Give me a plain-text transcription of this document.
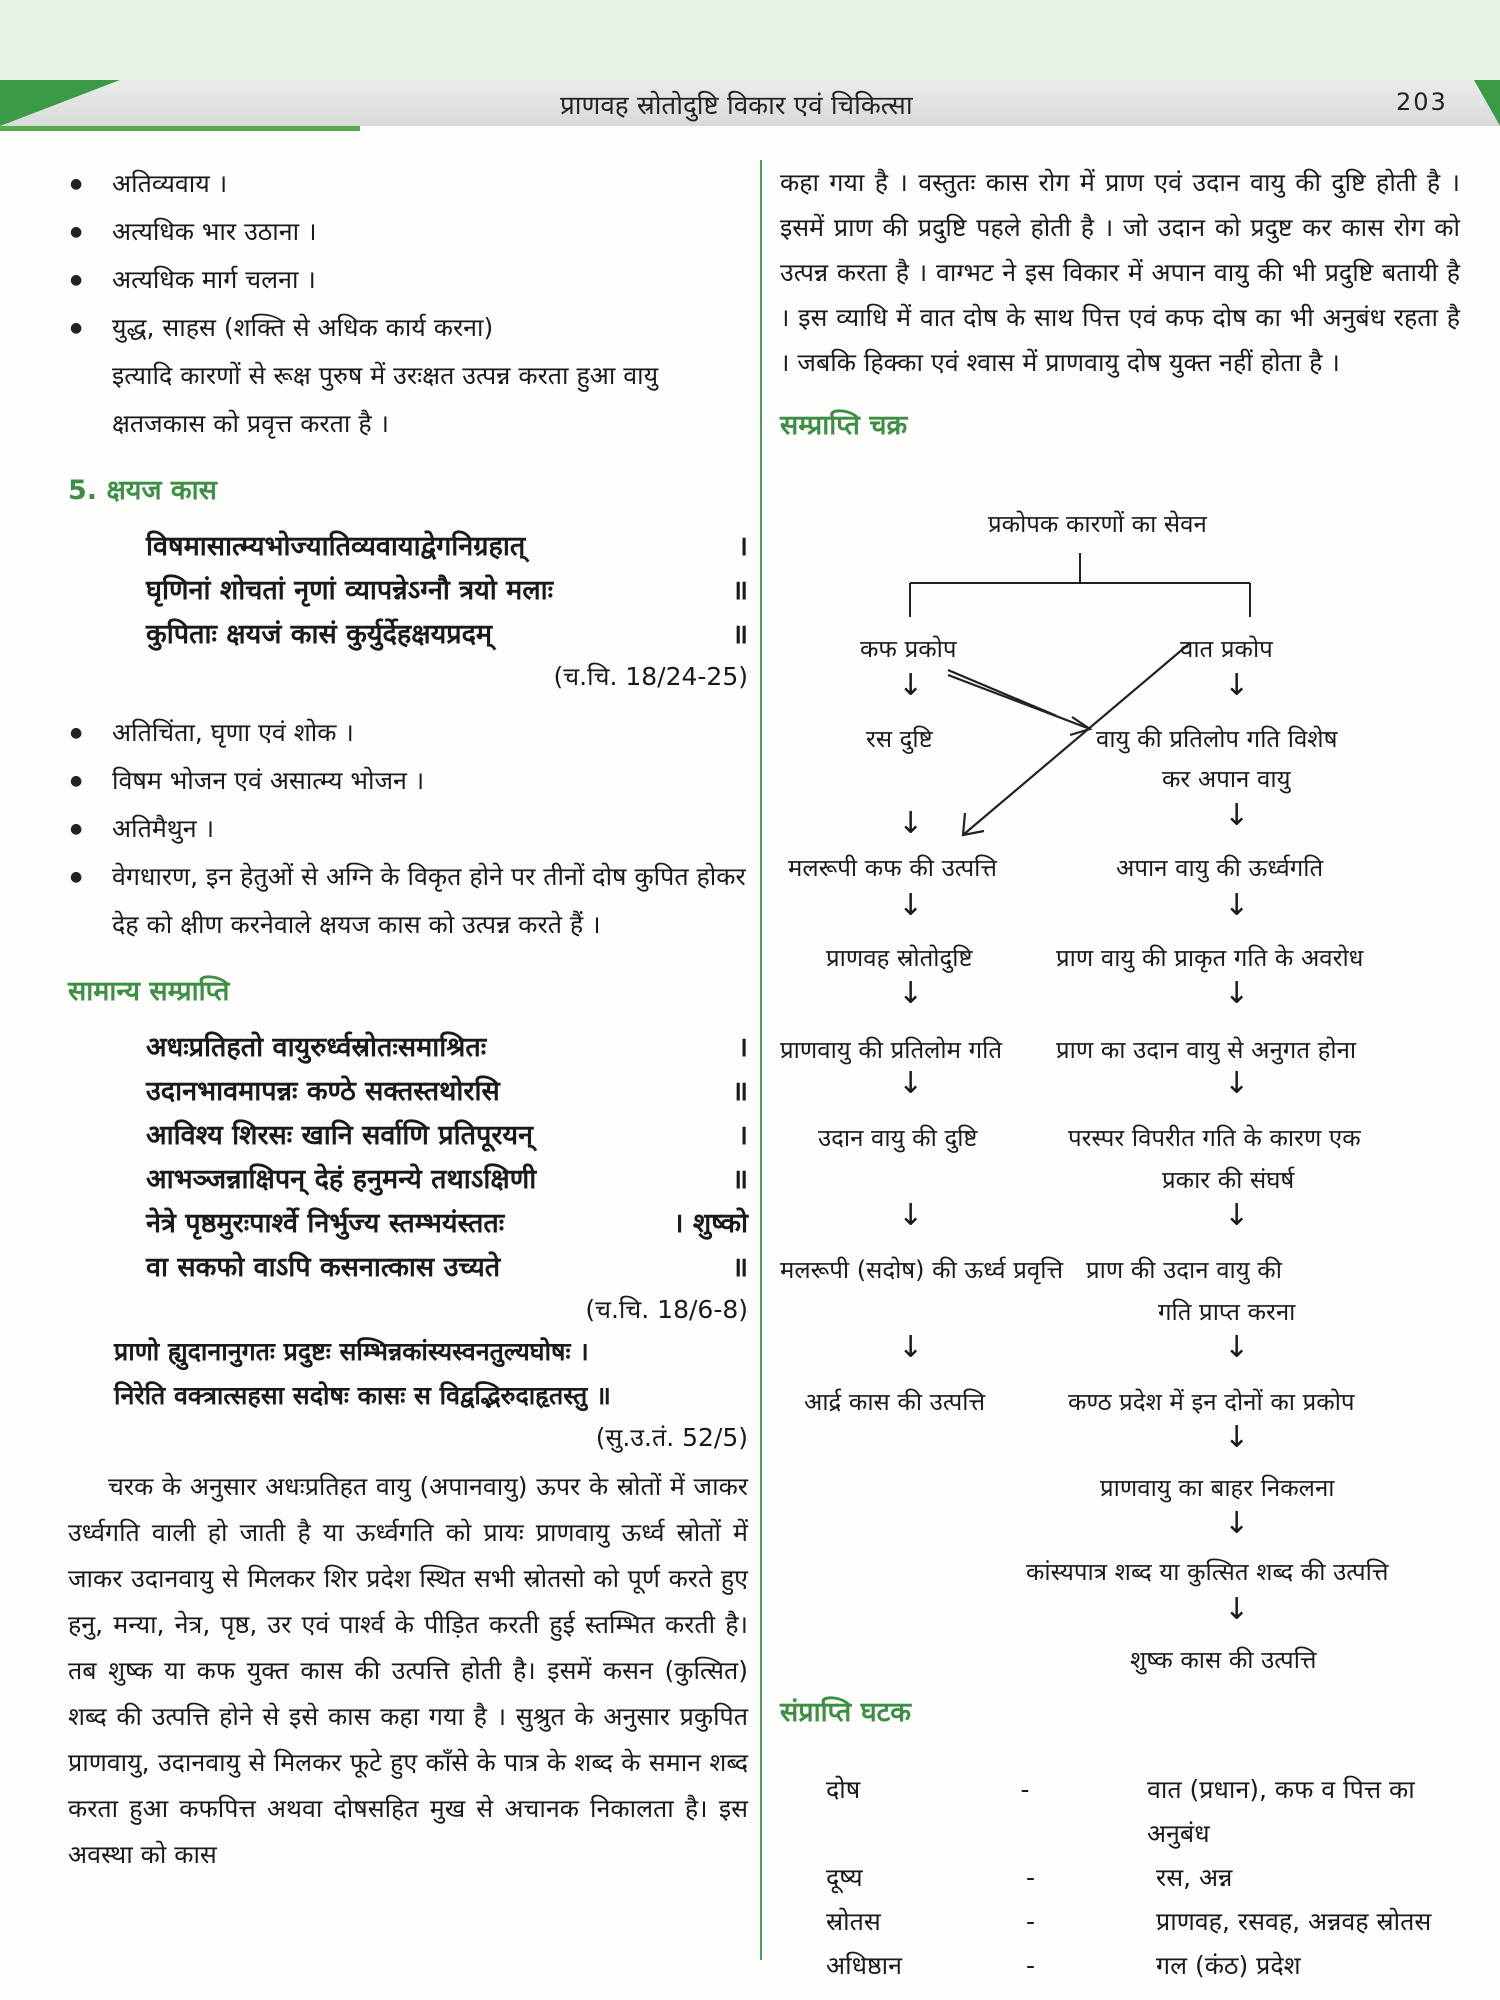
प्राणवह स्रोतोदुष्टि विकार एवं चिकित्सा	203
● अतिव्यवाय ।
● अत्यधिक भार उठाना ।
● अत्यधिक मार्ग चलना ।
● युद्ध, साहस (शक्ति से अधिक कार्य करना)
इत्यादि कारणों से रूक्ष पुरुष में उरःक्षत उत्पन्न करता हुआ वायु क्षतजकास को प्रवृत्त करता है ।
5. क्षयज कास
विषमासात्म्यभोज्यातिव्यवायाद्वेगनिग्रहात्	।
घृणिनां शोचतां नृणां व्यापन्नेऽग्नौ त्रयो मलाः	॥
कुपिताः क्षयजं कासं कुर्युर्देहक्षयप्रदम्	॥
(च.चि. 18/24-25)
● अतिचिंता, घृणा एवं शोक ।
● विषम भोजन एवं असात्म्य भोजन ।
● अतिमैथुन ।
● वेगधारण, इन हेतुओं से अग्नि के विकृत होने पर तीनों दोष कुपित होकर देह को क्षीण करनेवाले क्षयज कास को उत्पन्न करते हैं ।
सामान्य सम्प्राप्ति
अधःप्रतिहतो वायुरुर्ध्वस्रोतःसमाश्रितः	।
उदानभावमापन्नः कण्ठे सक्तस्तथोरसि	॥
आविश्य शिरसः खानि सर्वाणि प्रतिपूरयन्	।
आभञ्जन्नाक्षिपन् देहं हनुमन्ये तथाऽक्षिणी	॥
नेत्रे पृष्ठमुरःपार्श्वे निर्भुज्य स्तम्भयंस्ततः	। शुष्को
वा सकफो वाऽपि कसनात्कास उच्यते	॥
(च.चि. 18/6-8)
प्राणो ह्युदानानुगतः प्रदुष्टः सम्भिन्नकांस्यस्वनतुल्यघोषः ।
निरेति वक्त्रात्सहसा सदोषः कासः स विद्वद्भिरुदाहृतस्तु ॥
(सु.उ.तं. 52/5)
चरक के अनुसार अधःप्रतिहत वायु (अपानवायु) ऊपर के स्रोतों में जाकर उर्ध्वगति वाली हो जाती है या ऊर्ध्वगति को प्रायः प्राणवायु ऊर्ध्व स्रोतों में जाकर उदानवायु से मिलकर शिर प्रदेश स्थित सभी स्रोतसो को पूर्ण करते हुए हनु, मन्या, नेत्र, पृष्ठ, उर एवं पार्श्व के पीड़ित करती हुई स्तम्भित करती है। तब शुष्क या कफ युक्त कास की उत्पत्ति होती है। इसमें कसन (कुत्सित) शब्द की उत्पत्ति होने से इसे कास कहा गया है । सुश्रुत के अनुसार प्रकुपित प्राणवायु, उदानवायु से मिलकर फूटे हुए काँसे के पात्र के शब्द के समान शब्द करता हुआ कफपित्त अथवा दोषसहित मुख से अचानक निकालता है। इस अवस्था को कास

कहा गया है । वस्तुतः कास रोग में प्राण एवं उदान वायु की दुष्टि होती है । इसमें प्राण की प्रदुष्टि पहले होती है । जो उदान को प्रदुष्ट कर कास रोग को उत्पन्न करता है । वाग्भट ने इस विकार में अपान वायु की भी प्रदुष्टि बतायी है । इस व्याधि में वात दोष के साथ पित्त एवं कफ दोष का भी अनुबंध रहता है । जबकि हिक्का एवं श्वास में प्राणवायु दोष युक्त नहीं होता है ।

सम्प्राप्ति चक्र
प्रकोपक कारणों का सेवन
कफ प्रकोप
↓
रस दुष्टि
↓
मलरूपी कफ की उत्पत्ति
↓
प्राणवह स्रोतोदुष्टि
↓
प्राणवायु की प्रतिलोम गति
↓
उदान वायु की दुष्टि
↓
मलरूपी (सदोष) की ऊर्ध्व प्रवृत्ति
↓
आर्द्र कास की उत्पत्ति
वात प्रकोप
↓
वायु की प्रतिलोप गति विशेष
कर अपान वायु
↓
अपान वायु की ऊर्ध्वगति
↓
प्राण वायु की प्राकृत गति के अवरोध
↓
प्राण का उदान वायु से अनुगत होना
↓
परस्पर विपरीत गति के कारण एक
प्रकार की संघर्ष
↓
प्राण की उदान वायु की
गति प्राप्त करना
↓
कण्ठ प्रदेश में इन दोनों का प्रकोप
↓
प्राणवायु का बाहर निकलना
↓
कांस्यपात्र शब्द या कुत्सित शब्द की उत्पत्ति
↓
शुष्क कास की उत्पत्ति
संप्राप्ति घटक
दोष	-	वात (प्रधान), कफ व पित्त का अनुबंध
दूष्य	-	रस, अन्न
स्रोतस	-	प्राणवह, रसवह, अन्नवह स्रोतस
अधिष्ठान	-	गल (कंठ) प्रदेश
